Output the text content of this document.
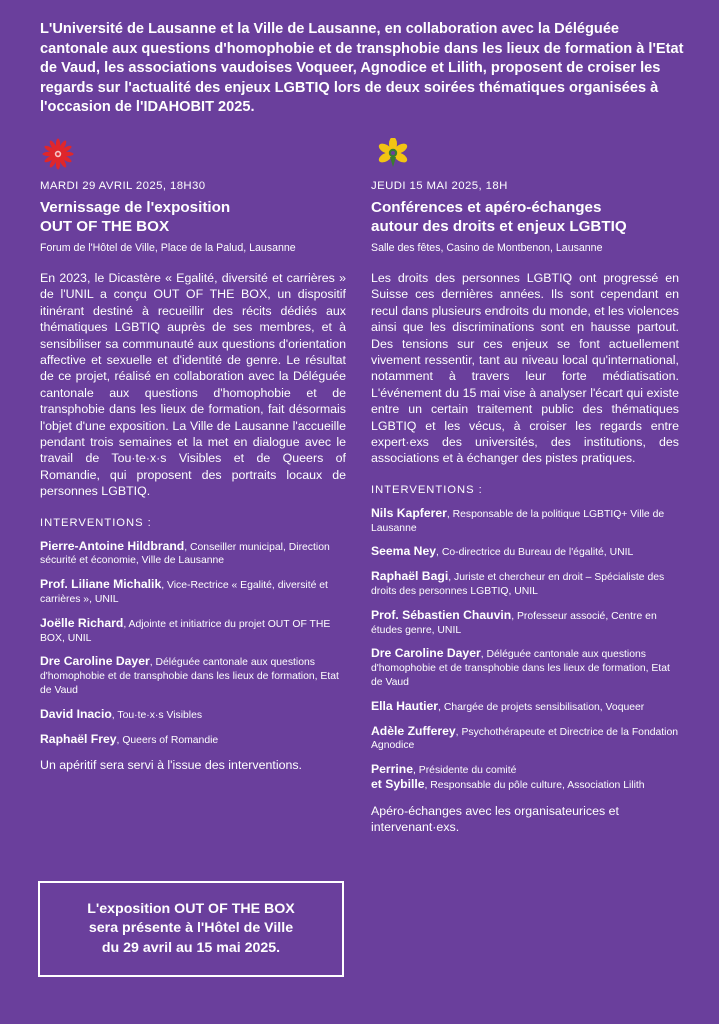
L'Université de Lausanne et la Ville de Lausanne, en collaboration avec la Déléguée cantonale aux questions d'homophobie et de transphobie dans les lieux de formation à l'Etat de Vaud, les associations vaudoises Voqueer, Agnodice et Lilith, proposent de croiser les regards sur l'actualité des enjeux LGBTIQ lors de deux soirées thématiques organisées à l'occasion de l'IDAHOBIT 2025.
MARDI 29 AVRIL 2025, 18H30
Vernissage de l'exposition
OUT OF THE BOX
Forum de l'Hôtel de Ville, Place de la Palud, Lausanne
En 2023, le Dicastère « Egalité, diversité et carrières » de l'UNIL a conçu OUT OF THE BOX, un dispositif itinérant destiné à recueillir des récits dédiés aux thématiques LGBTIQ auprès de ses membres, et à sensibiliser sa communauté aux questions d'orientation affective et sexuelle et d'identité de genre. Le résultat de ce projet, réalisé en collaboration avec la Déléguée cantonale aux questions d'homophobie et de transphobie dans les lieux de formation, fait désormais l'objet d'une exposition. La Ville de Lausanne l'accueille pendant trois semaines et la met en dialogue avec le travail de Tou·te·x·s Visibles et de Queers of Romandie, qui proposent des portraits locaux de personnes LGBTIQ.
INTERVENTIONS :
Pierre-Antoine Hildbrand, Conseiller municipal, Direction sécurité et économie, Ville de Lausanne
Prof. Liliane Michalik, Vice-Rectrice « Egalité, diversité et carrières », UNIL
Joëlle Richard, Adjointe et initiatrice du projet OUT OF THE BOX, UNIL
Dre Caroline Dayer, Déléguée cantonale aux questions d'homophobie et de transphobie dans les lieux de formation, Etat de Vaud
David Inacio, Tou·te·x·s Visibles
Raphaël Frey, Queers of Romandie
Un apéritif sera servi à l'issue des interventions.
L'exposition OUT OF THE BOX
sera présente à l'Hôtel de Ville
du 29 avril au 15 mai 2025.
JEUDI 15 MAI 2025, 18H
Conférences et apéro-échanges
autour des droits et enjeux LGBTIQ
Salle des fêtes, Casino de Montbenon, Lausanne
Les droits des personnes LGBTIQ ont progressé en Suisse ces dernières années. Ils sont cependant en recul dans plusieurs endroits du monde, et les violences ainsi que les discriminations sont en hausse partout. Des tensions sur ces enjeux se font actuellement vivement ressentir, tant au niveau local qu'international, notamment à travers leur forte médiatisation. L'événement du 15 mai vise à analyser l'écart qui existe entre un certain traitement public des thématiques LGBTIQ et les vécus, à croiser les regards entre expert·exs des universités, des institutions, des associations et à échanger des pistes pratiques.
INTERVENTIONS :
Nils Kapferer, Responsable de la politique LGBTIQ+ Ville de Lausanne
Seema Ney, Co-directrice du Bureau de l'égalité, UNIL
Raphaël Bagi, Juriste et chercheur en droit – Spécialiste des droits des personnes LGBTIQ, UNIL
Prof. Sébastien Chauvin, Professeur associé, Centre en études genre, UNIL
Dre Caroline Dayer, Déléguée cantonale aux questions d'homophobie et de transphobie dans les lieux de formation, Etat de Vaud
Ella Hautier, Chargée de projets sensibilisation, Voqueer
Adèle Zufferey, Psychothérapeute et Directrice de la Fondation Agnodice
Perrine, Présidente du comité
et Sybille, Responsable du pôle culture, Association Lilith
Apéro-échanges avec les organisateurices et intervenant·exs.
